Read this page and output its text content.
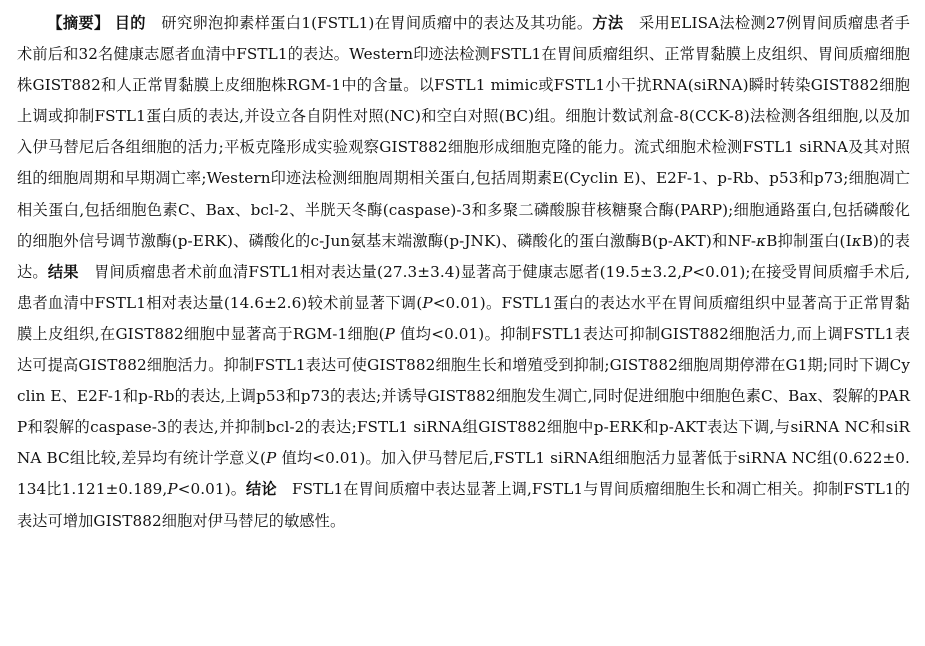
【摘要】 目的　 研究卵泡抑素样蛋白1(FSTL1)在胃间质瘤中的表达及其功能。方法　 采用ELISA法检测27例胃间质瘤患者手术前后和32名健康志愿者血清中FSTL1的表达。Western印迹法检测FSTL1在胃间质瘤组织、正常胃黏膜上皮组织、胃间质瘤细胞株GIST882和人正常胃黏膜上皮细胞株RGM-1中的含量。以FSTL1 mimic或FSTL1小干扰RNA(siRNA)瞬时转染GIST882细胞上调或抑制FSTL1蛋白质的表达,并设立各自阴性对照(NC)和空白对照(BC)组。细胞计数试剂盒-8(CCK-8)法检测各组细胞,以及加入伊马替尼后各组细胞的活力;平板克隆形成实验观察GIST882细胞形成细胞克隆的能力。流式细胞术检测FSTL1 siRNA及其对照组的细胞周期和早期凋亡率;Western印迹法检测细胞周期相关蛋白,包括周期素E(Cyclin E)、E2F-1、p-Rb、p53和p73;细胞凋亡相关蛋白,包括细胞色素C、Bax、bcl-2、半胱天冬酶(caspase)-3和多聚二磷酸腺苷核糖聚合酶(PARP);细胞通路蛋白,包括磷酸化的细胞外信号调节激酶(p-ERK)、磷酸化的c-Jun氨基末端激酶(p-JNK)、磷酸化的蛋白激酶B(p-AKT)和NF-κB抑制蛋白(IκB)的表达。结果　 胃间质瘤患者术前血清FSTL1相对表达量(27.3±3.4)显著高于健康志愿者(19.5±3.2,P<0.01);在接受胃间质瘤手术后,患者血清中FSTL1相对表达量(14.6±2.6)较术前显著下调(P<0.01)。FSTL1蛋白的表达水平在胃间质瘤组织中显著高于正常胃黏膜上皮组织,在GIST882细胞中显著高于RGM-1细胞(P 值均<0.01)。抑制FSTL1表达可抑制GIST882细胞活力,而上调FSTL1表达可提高GIST882细胞活力。抑制FSTL1表达可使GIST882细胞生长和增殖受到抑制;GIST882细胞周期停滞在G1期;同时下调Cyclin E、E2F-1和p-Rb的表达,上调p53和p73的表达;并诱导GIST882细胞发生凋亡,同时促进细胞中细胞色素C、Bax、裂解的PARP和裂解的caspase-3的表达,并抑制bcl-2的表达;FSTL1 siRNA组GIST882细胞中p-ERK和p-AKT表达下调,与siRNA NC和siRNA BC组比较,差异均有统计学意义(P 值均<0.01)。加入伊马替尼后,FSTL1 siRNA组细胞活力显著低于siRNA NC组(0.622±0.134比1.121±0.189,P<0.01)。结论　 FSTL1在胃间质瘤中表达显著上调,FSTL1与胃间质瘤细胞生长和凋亡相关。抑制FSTL1的表达可增加GIST882细胞对伊马替尼的敏感性。
